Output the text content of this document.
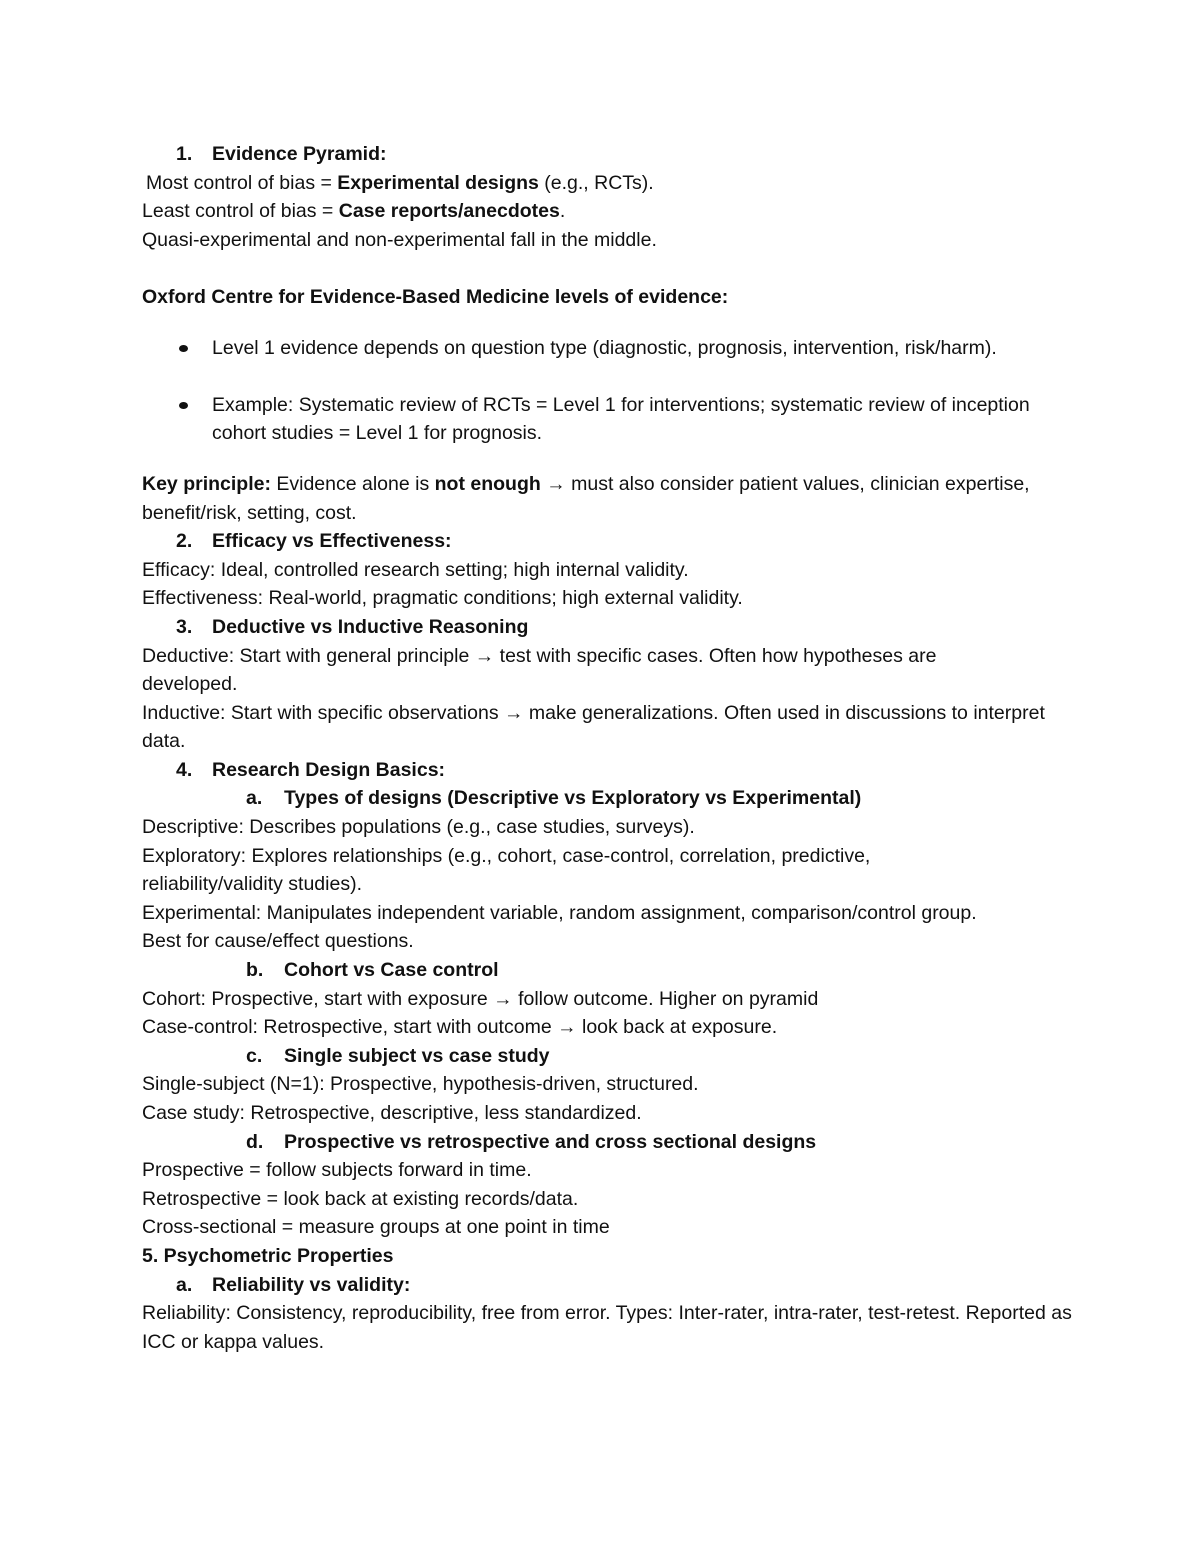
1. Evidence Pyramid:

Most control of bias = Experimental designs (e.g., RCTs).

Least control of bias = Case reports/anecdotes.

Quasi-experimental and non-experimental fall in the middle.

Oxford Centre for Evidence-Based Medicine levels of evidence:

Level 1 evidence depends on question type (diagnostic, prognosis, intervention, risk/harm).
Example: Systematic review of RCTs = Level 1 for interventions; systematic review of inception cohort studies = Level 1 for prognosis.

Key principle: Evidence alone is not enough → must also consider patient values, clinician expertise, benefit/risk, setting, cost.

2. Efficacy vs Effectiveness:

Efficacy: Ideal, controlled research setting; high internal validity.

Effectiveness: Real-world, pragmatic conditions; high external validity.

3. Deductive vs Inductive Reasoning

Deductive: Start with general principle → test with specific cases. Often how hypotheses are developed.

Inductive: Start with specific observations → make generalizations. Often used in discussions to interpret data.

4. Research Design Basics:

a. Types of designs (Descriptive vs Exploratory vs Experimental)

Descriptive: Describes populations (e.g., case studies, surveys).

Exploratory: Explores relationships (e.g., cohort, case-control, correlation, predictive, reliability/validity studies).

Experimental: Manipulates independent variable, random assignment, comparison/control group. Best for cause/effect questions.

b. Cohort vs Case control

Cohort: Prospective, start with exposure → follow outcome. Higher on pyramid

Case-control: Retrospective, start with outcome → look back at exposure.

c. Single subject vs case study

Single-subject (N=1): Prospective, hypothesis-driven, structured.

Case study: Retrospective, descriptive, less standardized.

d. Prospective vs retrospective and cross sectional designs

Prospective = follow subjects forward in time.

Retrospective = look back at existing records/data.

Cross-sectional = measure groups at one point in time

5. Psychometric Properties

a. Reliability vs validity:

Reliability: Consistency, reproducibility, free from error. Types: Inter-rater, intra-rater, test-retest. Reported as ICC or kappa values.
